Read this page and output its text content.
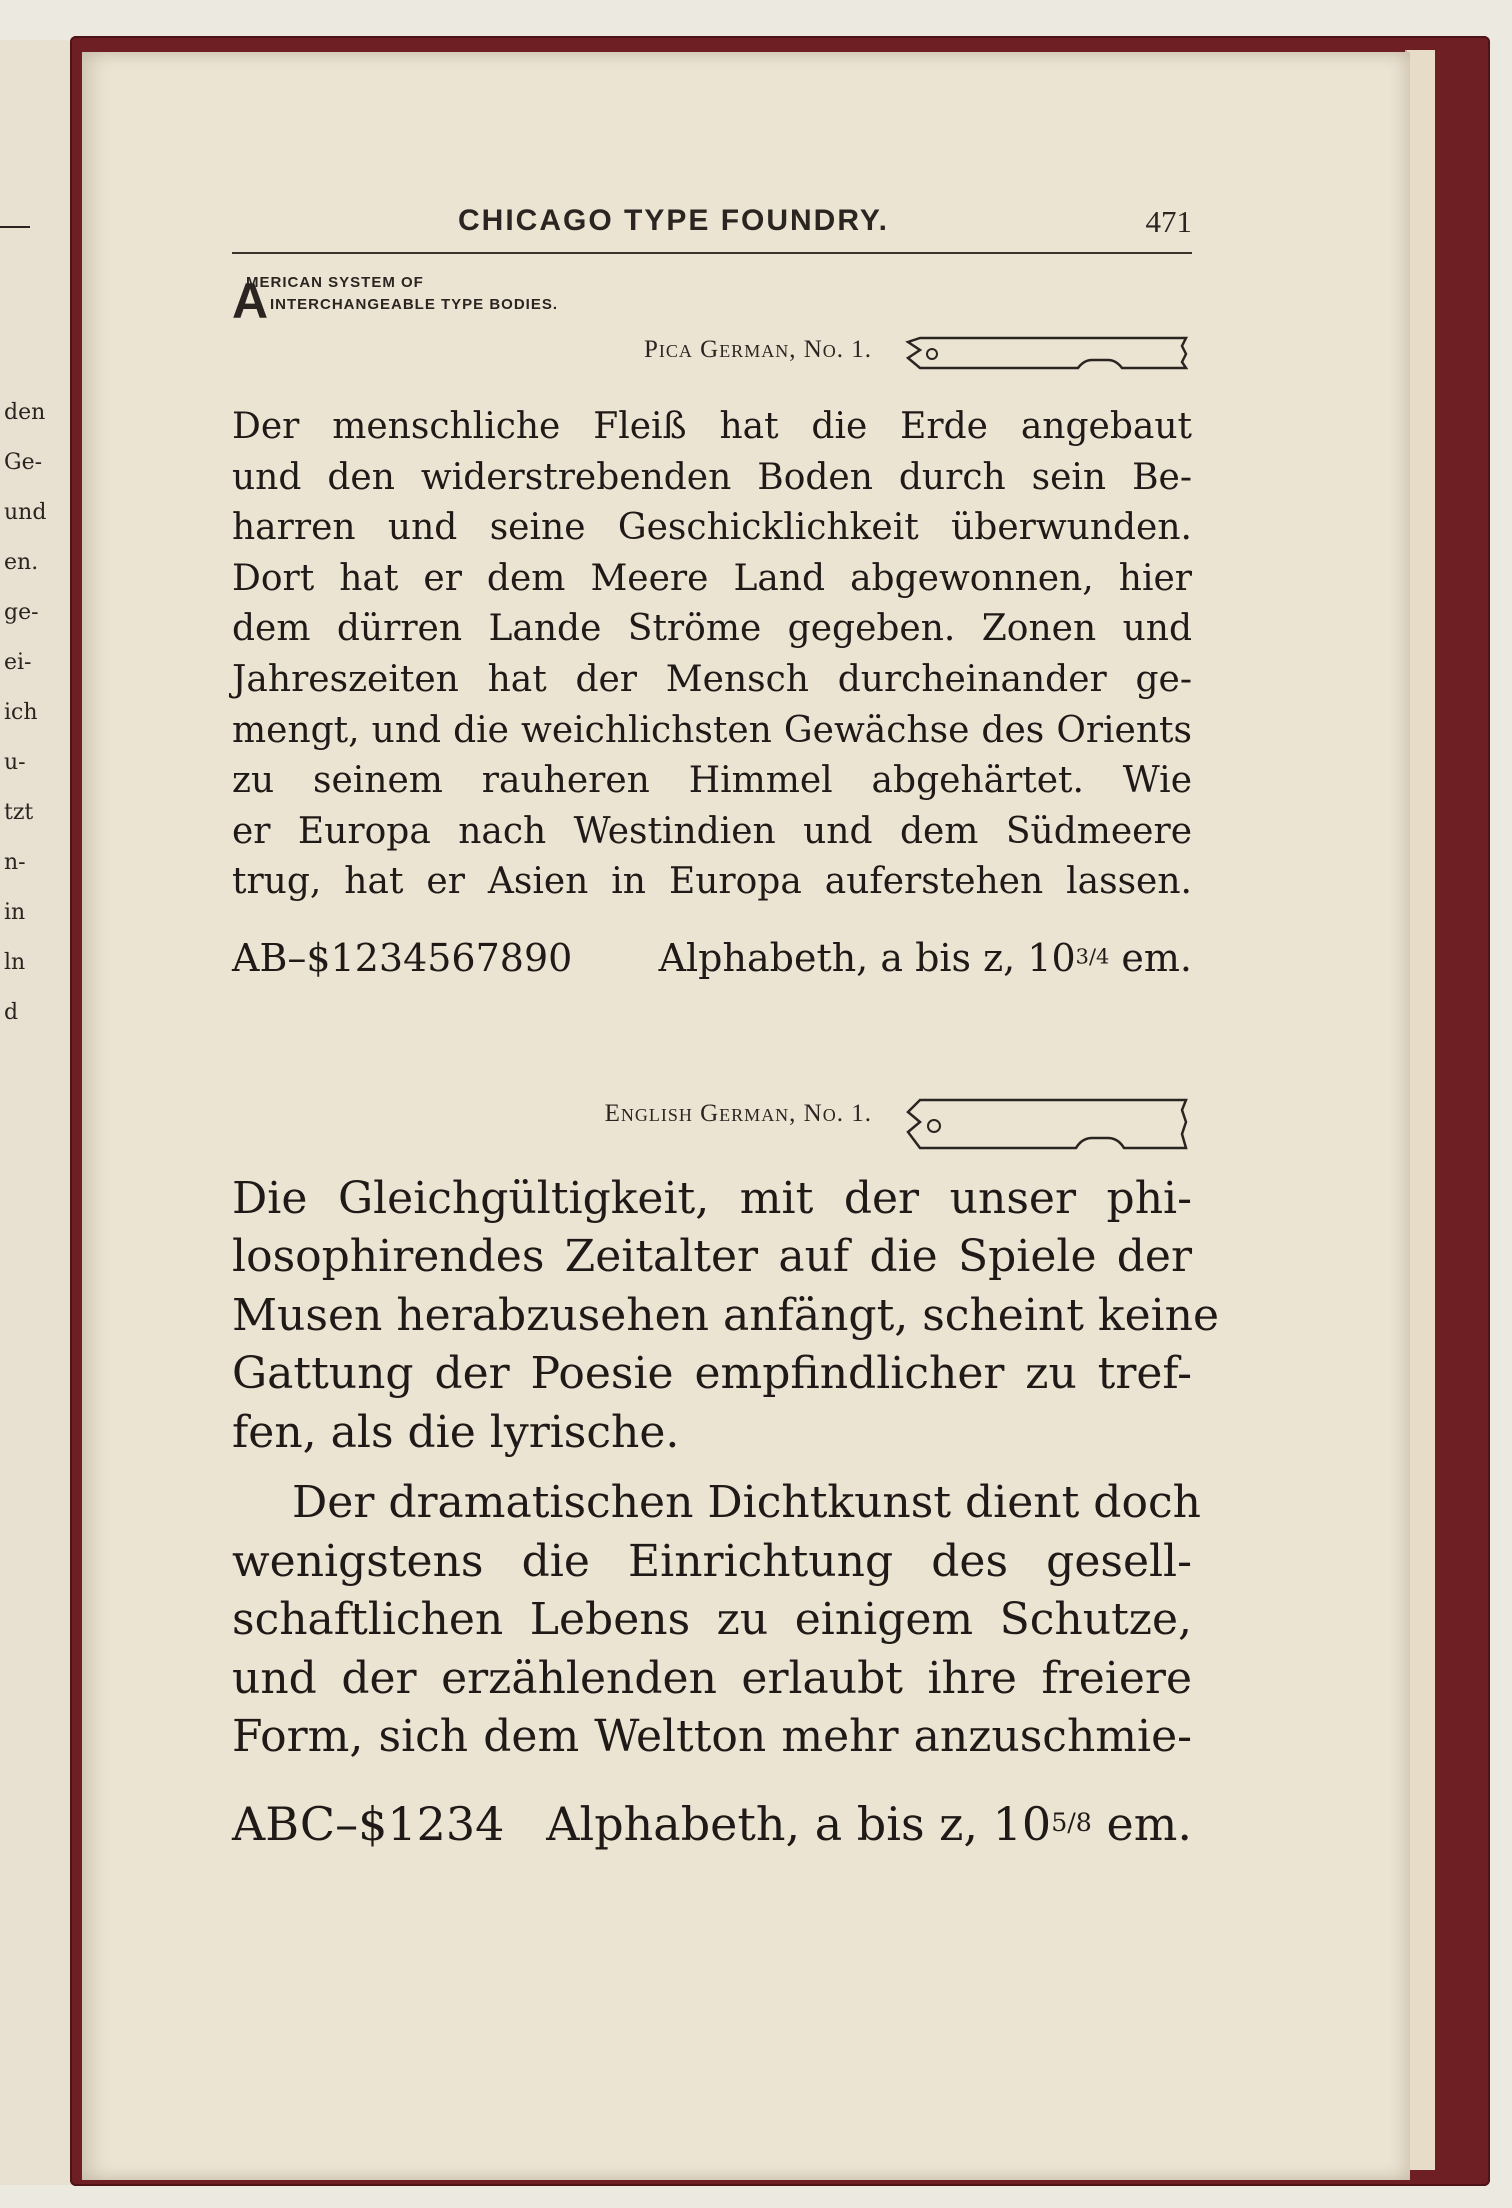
den
Ge-
und
en.
ge-
ei-
ich
u-
tzt
n-
in
ln
d
CHICAGO TYPE FOUNDRY.	471
A
MERICAN SYSTEM OF
INTERCHANGEABLE TYPE BODIES.
Pica German, No. 1.
Der menschliche Fleiß hat die Erde angebaut
und den widerstrebenden Boden durch sein Be-
harren und seine Geschicklichkeit überwunden.
Dort hat er dem Meere Land abgewonnen, hier
dem dürren Lande Ströme gegeben. Zonen und
Jahreszeiten hat der Mensch durcheinander ge-
mengt, und die weichlichsten Gewächse des Orients
zu seinem rauheren Himmel abgehärtet. Wie
er Europa nach Westindien und dem Südmeere
trug, hat er Asien in Europa auferstehen lassen.
AB–$1234567890 Alphabeth, a bis z, 103/4 em.
English German, No. 1.
Die Gleichgültigkeit, mit der unser phi-
losophirendes Zeitalter auf die Spiele der
Musen herabzusehen anfängt, scheint keine
Gattung der Poesie empfindlicher zu tref-
fen, als die lyrische.
Der dramatischen Dichtkunst dient doch
wenigstens die Einrichtung des gesell-
schaftlichen Lebens zu einigem Schutze,
und der erzählenden erlaubt ihre freiere
Form, sich dem Weltton mehr anzuschmie-
ABC–$1234 Alphabeth, a bis z, 105/8 em.
